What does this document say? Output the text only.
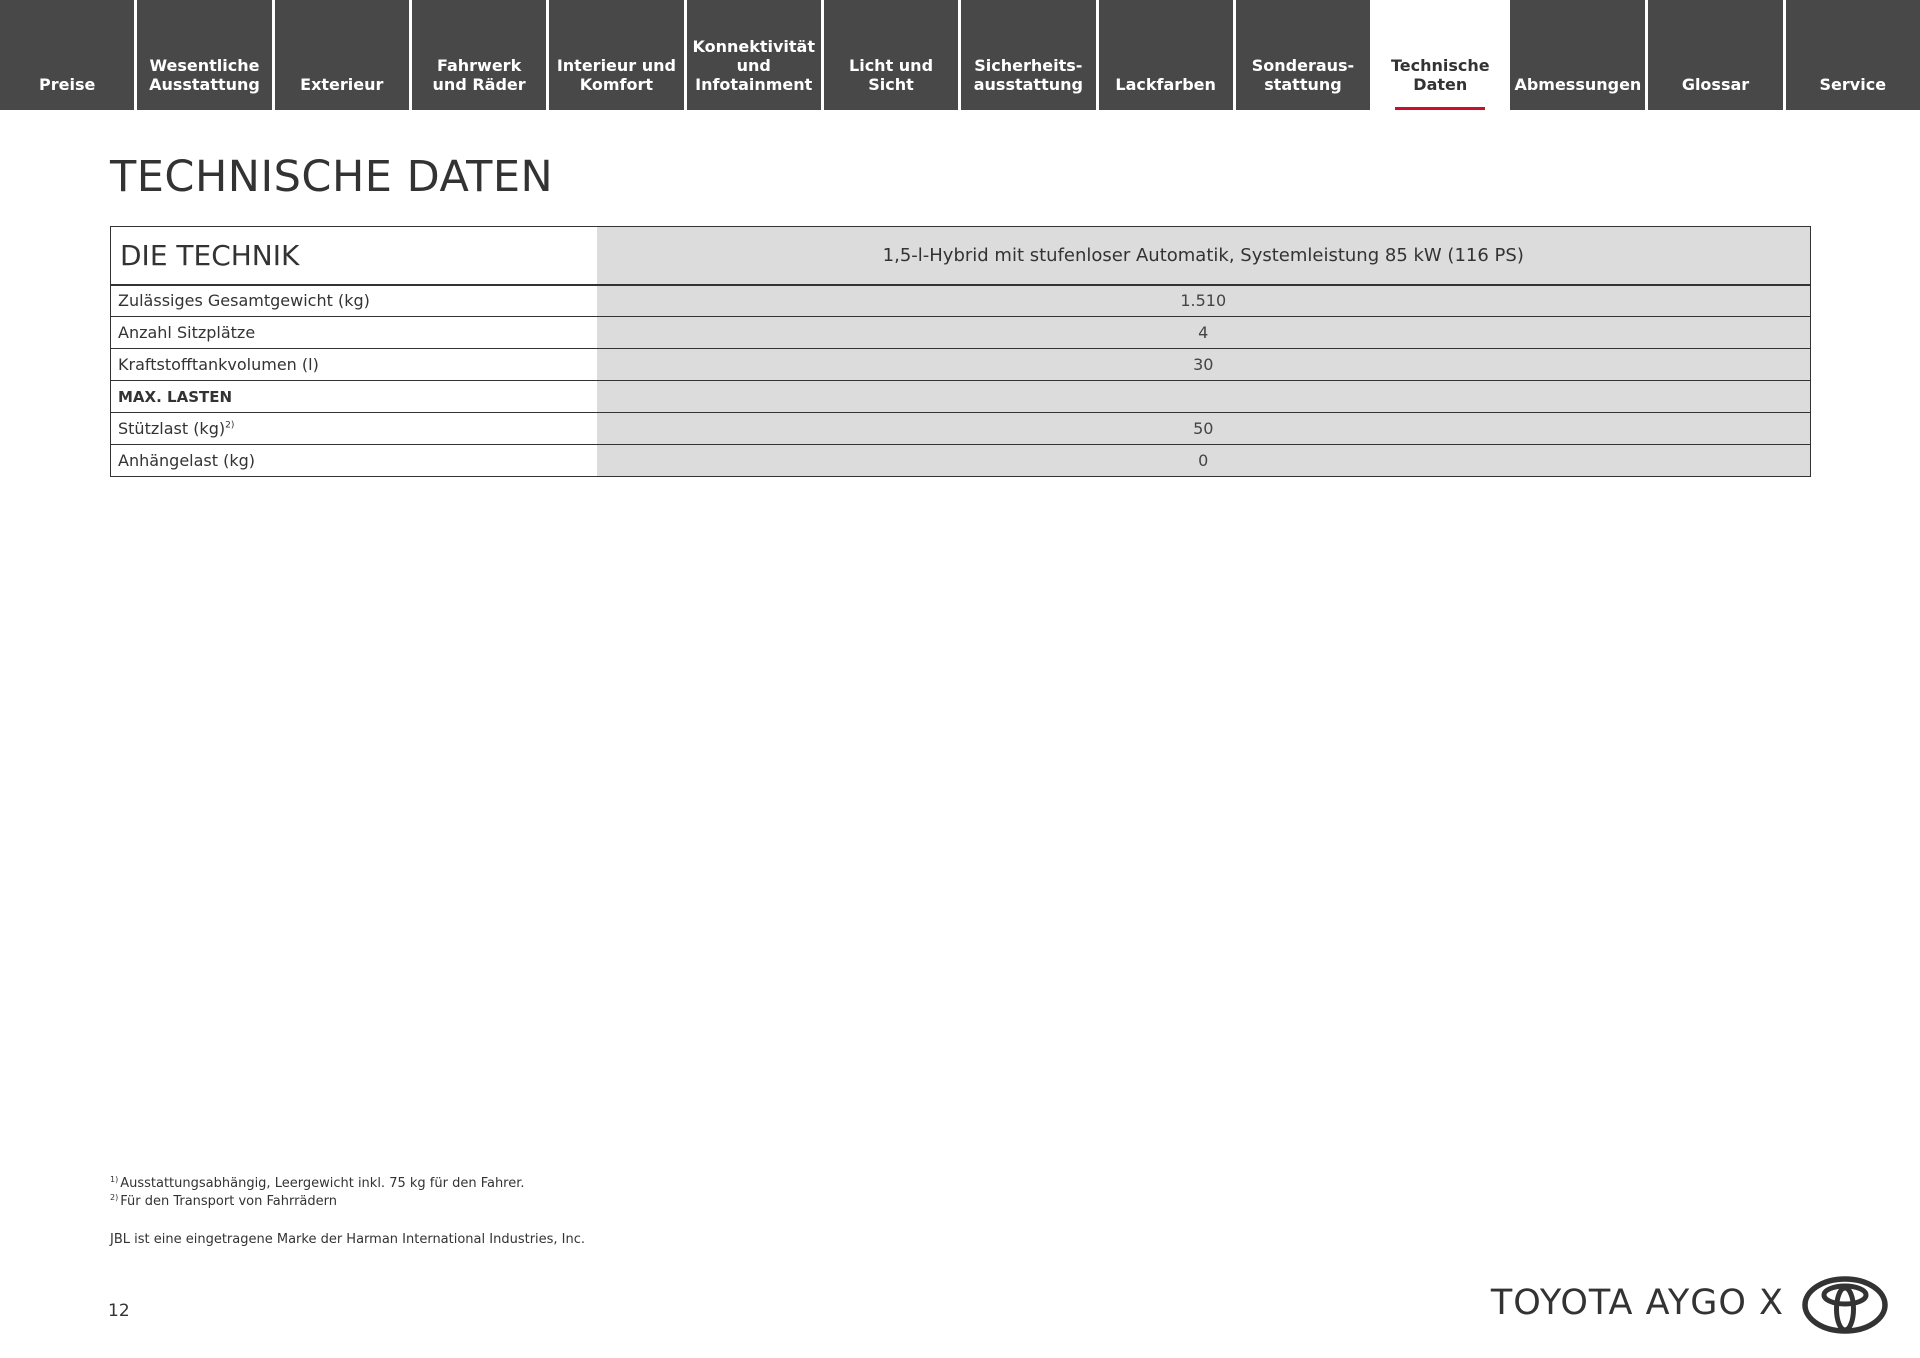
Preise
Wesentliche
Ausstattung	Exterieur
Fahrwerk
und Räder
Interieur und
Komfort
Konnektivität
und
Infotainment
Licht und Sicht
Sicherheits-
ausstattung	Lackfarben
Sonderaus-
stattung
Technische
Daten	Abmessungen	Glossar	Service
TECHNISCHE DATEN
DIE TECHNIK	1,5-l-Hybrid mit stufenloser Automatik, Systemleistung 85 kW (116 PS)
Zulässiges Gesamtgewicht (kg)	1.510
Anzahl Sitzplätze	4
Kraftstofftankvolumen (l)	30
MAX. LASTEN	
Stützlast (kg)$^{2)}$	50
Anhängelast (kg)	0
$^{1)}$ Ausstattungsabhängig, Leergewicht inkl. 75 kg für den Fahrer.
$^{2)}$ Für den Transport von Fahrrädern
JBL ist eine eingetragene Marke der Harman International Industries, Inc.
12	TOYOTA AYGO X
